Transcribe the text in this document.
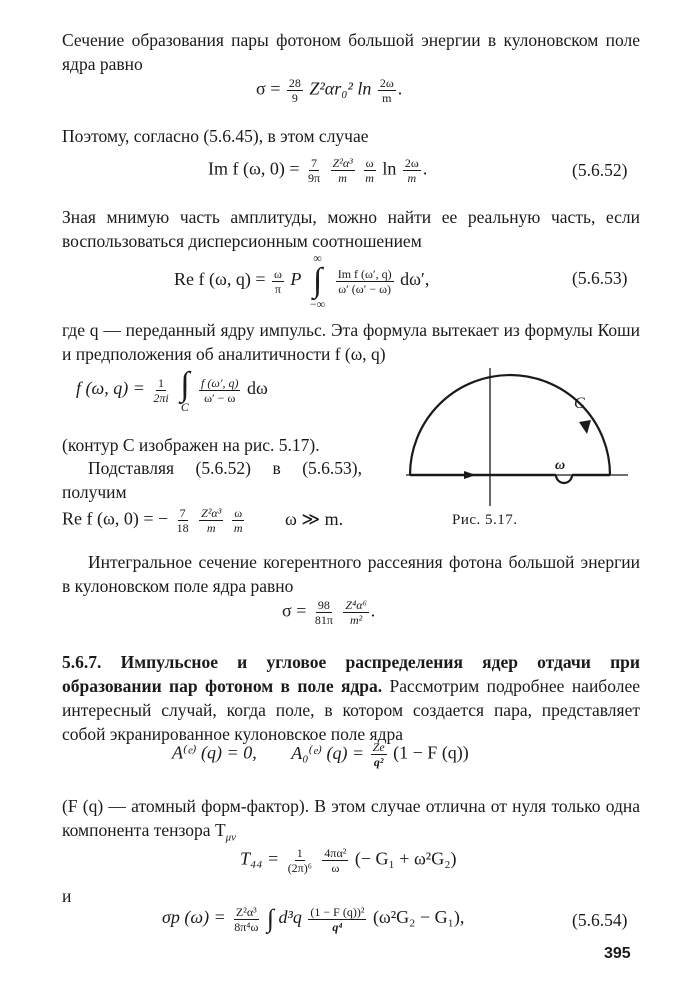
Сечение образования пары фотоном большой энергии в кулоновском поле ядра равно
$\sigma = \frac{28}{9} Z^2\alpha r_0^2$ $\ln \frac{2\omega}{m}$ .
Поэтому, согласно (5.6.45), в этом случае
Im f (ω, $0) = \frac{7}{9\pi}$
$\frac{\text{Z²α³}}{m}$
$\frac{\omega}{m}$ $\ln \frac{2\omega}{m}$ .	(5.6.52)
Зная мнимую часть амплитуды, можно найти ее реальную часть, если воспользоваться дисперсионным соотношением
Re f (ω, $q) = \frac{\omega}{\pi}$ P
∞
∫
−∞

$\frac{\text{Im f (ω′, q)}}{\omega' (\omega' - \omega)} d\omega'$,	(5.6.53)
где q — переданный ядру импульс. Эта формула вытекает из формулы Коши и предположения об аналитичности f (ω, q)
f (ω, $q) = \frac{1}{2\pi i}$
∫
C

$\frac{f (\omega', q)}{\omega' - \omega}$ dω
(контур C изображен на рис. 5.17).
Подставляя (5.6.52) в (5.6.53), получим
Re f (ω, 0) = − $\frac{7}{18}$
$\frac{\text{Z²α³}}{m}$
$\frac{\omega}{m}$ ω ≫ m.
C
ω
Рис. 5.17.
Интегральное сечение когерентного рассеяния фотона большой энергии в кулоновском поле ядра равно
$\sigma = \frac{98}{81\pi}$
$\frac{\text{Z⁴α⁶}}{\text{m²}}$ .
5.6.7. Импульсное и угловое распределения ядер отдачи при образовании пар фотоном в поле ядра. Рассмотрим подробнее наиболее интересный случай, когда поле, в котором создается пара, представляет собой экранированное кулоновское поле ядра
A⁽ᵉ⁾ (q) = 0, A₀⁽ᵉ⁾ $(q) = \frac{Ze}{\text{q²}} (1 - F$ (q))
(F (q) — атомный форм-фактор). В этом случае отлична от нуля только одна компонента тензора $T_{\mu\nu}$
$T_{44} = \frac{1}{\text{(2π)⁶}}$
$\frac{\text{4πα²}}{\omega}$ (− G₁ + ω²G₂)
и
σp $(\omega) = \frac{\text{Z²α³}}{\text{8π⁴ω}}$ ∫ $d^3q \frac{\text{(1 − F (q))²}}{\text{q⁴}} (\omega^2G_2 - G_1)$,	(5.6.54)
395
